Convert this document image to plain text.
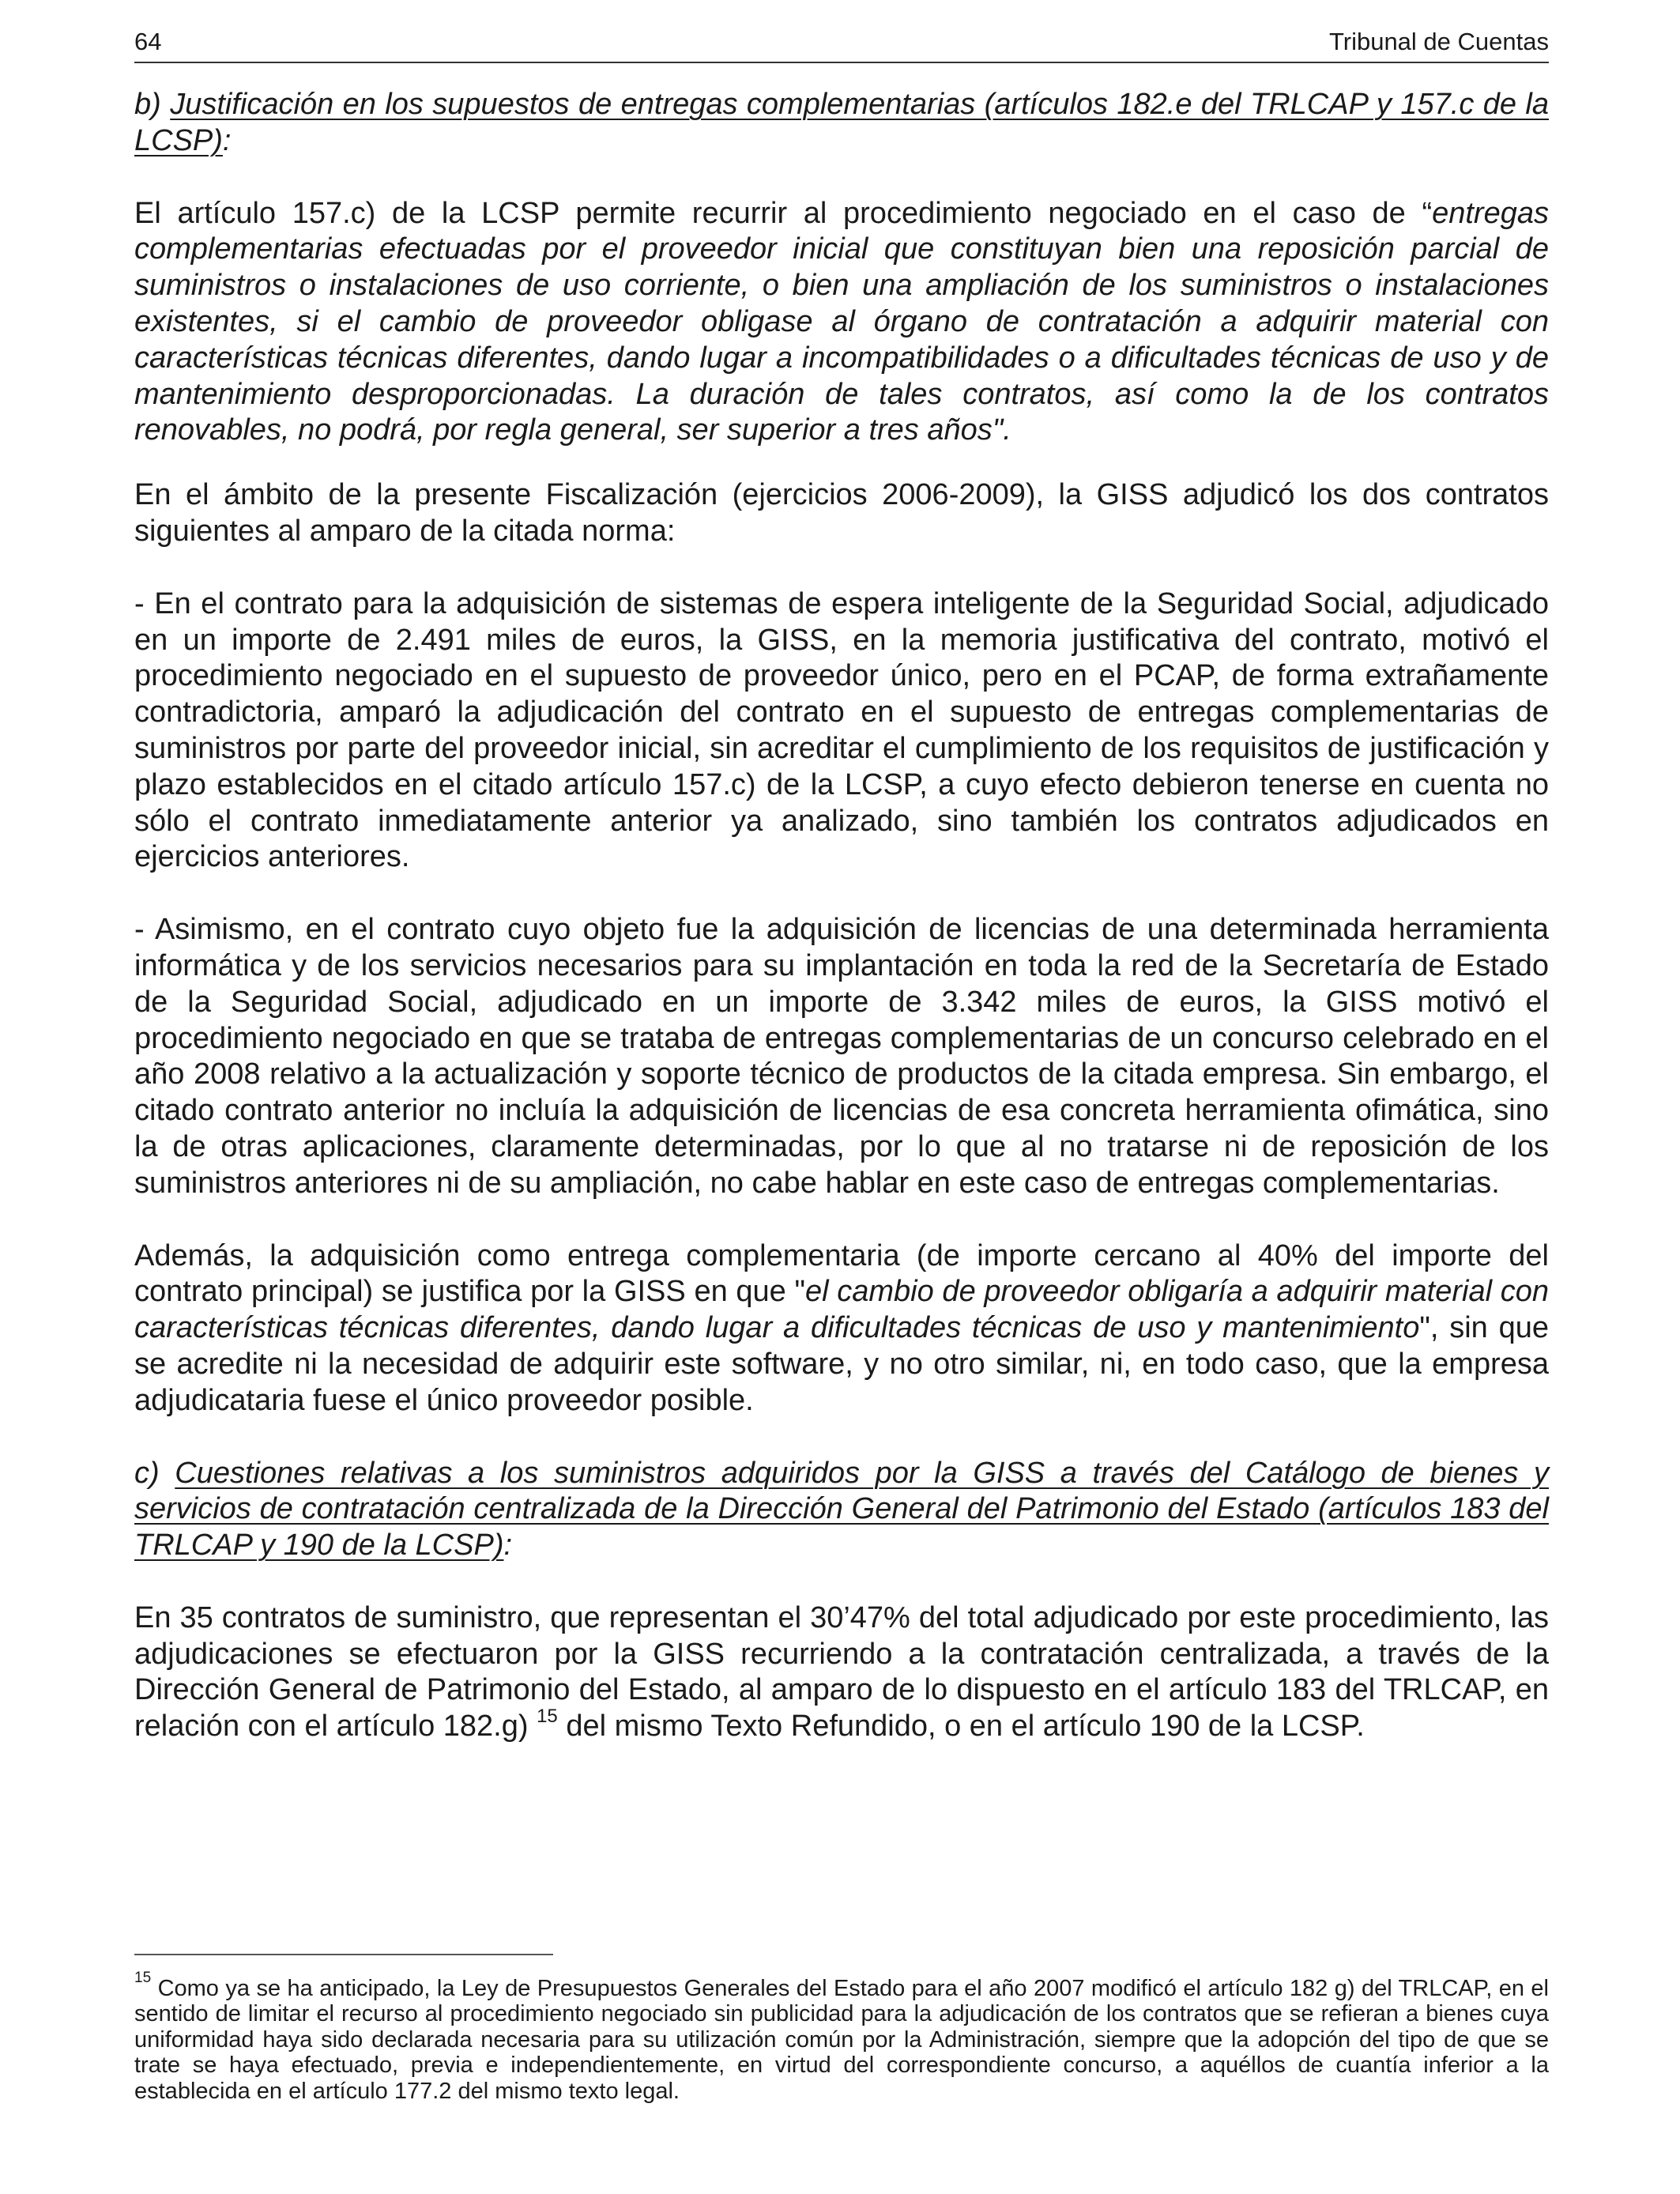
64	Tribunal de Cuentas

b) Justificación en los supuestos de entregas complementarias (artículos 182.e del TRLCAP y 157.c de la LCSP):

El artículo 157.c) de la LCSP permite recurrir al procedimiento negociado en el caso de “entregas complementarias efectuadas por el proveedor inicial que constituyan bien una reposición parcial de suministros o instalaciones de uso corriente, o bien una ampliación de los suministros o instalaciones existentes, si el cambio de proveedor obligase al órgano de contratación a adquirir material con características técnicas diferentes, dando lugar a incompatibilidades o a dificultades técnicas de uso y de mantenimiento desproporcionadas. La duración de tales contratos, así como la de los contratos renovables, no podrá, por regla general, ser superior a tres años".

En el ámbito de la presente Fiscalización (ejercicios 2006-2009), la GISS adjudicó los dos contratos siguientes al amparo de la citada norma:

- En el contrato para la adquisición de sistemas de espera inteligente de la Seguridad Social, adjudicado en un importe de 2.491 miles de euros, la GISS, en la memoria justificativa del contrato, motivó el procedimiento negociado en el supuesto de proveedor único, pero en el PCAP, de forma extrañamente contradictoria, amparó la adjudicación del contrato en el supuesto de entregas complementarias de suministros por parte del proveedor inicial, sin acreditar el cumplimiento de los requisitos de justificación y plazo establecidos en el citado artículo 157.c) de la LCSP, a cuyo efecto debieron tenerse en cuenta no sólo el contrato inmediatamente anterior ya analizado, sino también los contratos adjudicados en ejercicios anteriores.

- Asimismo, en el contrato cuyo objeto fue la adquisición de licencias de una determinada herramienta informática y de los servicios necesarios para su implantación en toda la red de la Secretaría de Estado de la Seguridad Social, adjudicado en un importe de 3.342 miles de euros, la GISS motivó el procedimiento negociado en que se trataba de entregas complementarias de un concurso celebrado en el año 2008 relativo a la actualización y soporte técnico de productos de la citada empresa. Sin embargo, el citado contrato anterior no incluía la adquisición de licencias de esa concreta herramienta ofimática, sino la de otras aplicaciones, claramente determinadas, por lo que al no tratarse ni de reposición de los suministros anteriores ni de su ampliación, no cabe hablar en este caso de entregas complementarias.

Además, la adquisición como entrega complementaria (de importe cercano al 40% del importe del contrato principal) se justifica por la GISS en que "el cambio de proveedor obligaría a adquirir material con características técnicas diferentes, dando lugar a dificultades técnicas de uso y mantenimiento", sin que se acredite ni la necesidad de adquirir este software, y no otro similar, ni, en todo caso, que la empresa adjudicataria fuese el único proveedor posible.

c) Cuestiones relativas a los suministros adquiridos por la GISS a través del Catálogo de bienes y servicios de contratación centralizada de la Dirección General del Patrimonio del Estado (artículos 183 del TRLCAP y 190 de la LCSP):

En 35 contratos de suministro, que representan el 30’47% del total adjudicado por este procedimiento, las adjudicaciones se efectuaron por la GISS recurriendo a la contratación centralizada, a través de la Dirección General de Patrimonio del Estado, al amparo de lo dispuesto en el artículo 183 del TRLCAP, en relación con el artículo 182.g) $^{15}$ del mismo Texto Refundido, o en el artículo 190 de la LCSP.

$^{15}$ Como ya se ha anticipado, la Ley de Presupuestos Generales del Estado para el año 2007 modificó el artículo 182 g) del TRLCAP, en el sentido de limitar el recurso al procedimiento negociado sin publicidad para la adjudicación de los contratos que se refieran a bienes cuya uniformidad haya sido declarada necesaria para su utilización común por la Administración, siempre que la adopción del tipo de que se trate se haya efectuado, previa e independientemente, en virtud del correspondiente concurso, a aquéllos de cuantía inferior a la establecida en el artículo 177.2 del mismo texto legal.
